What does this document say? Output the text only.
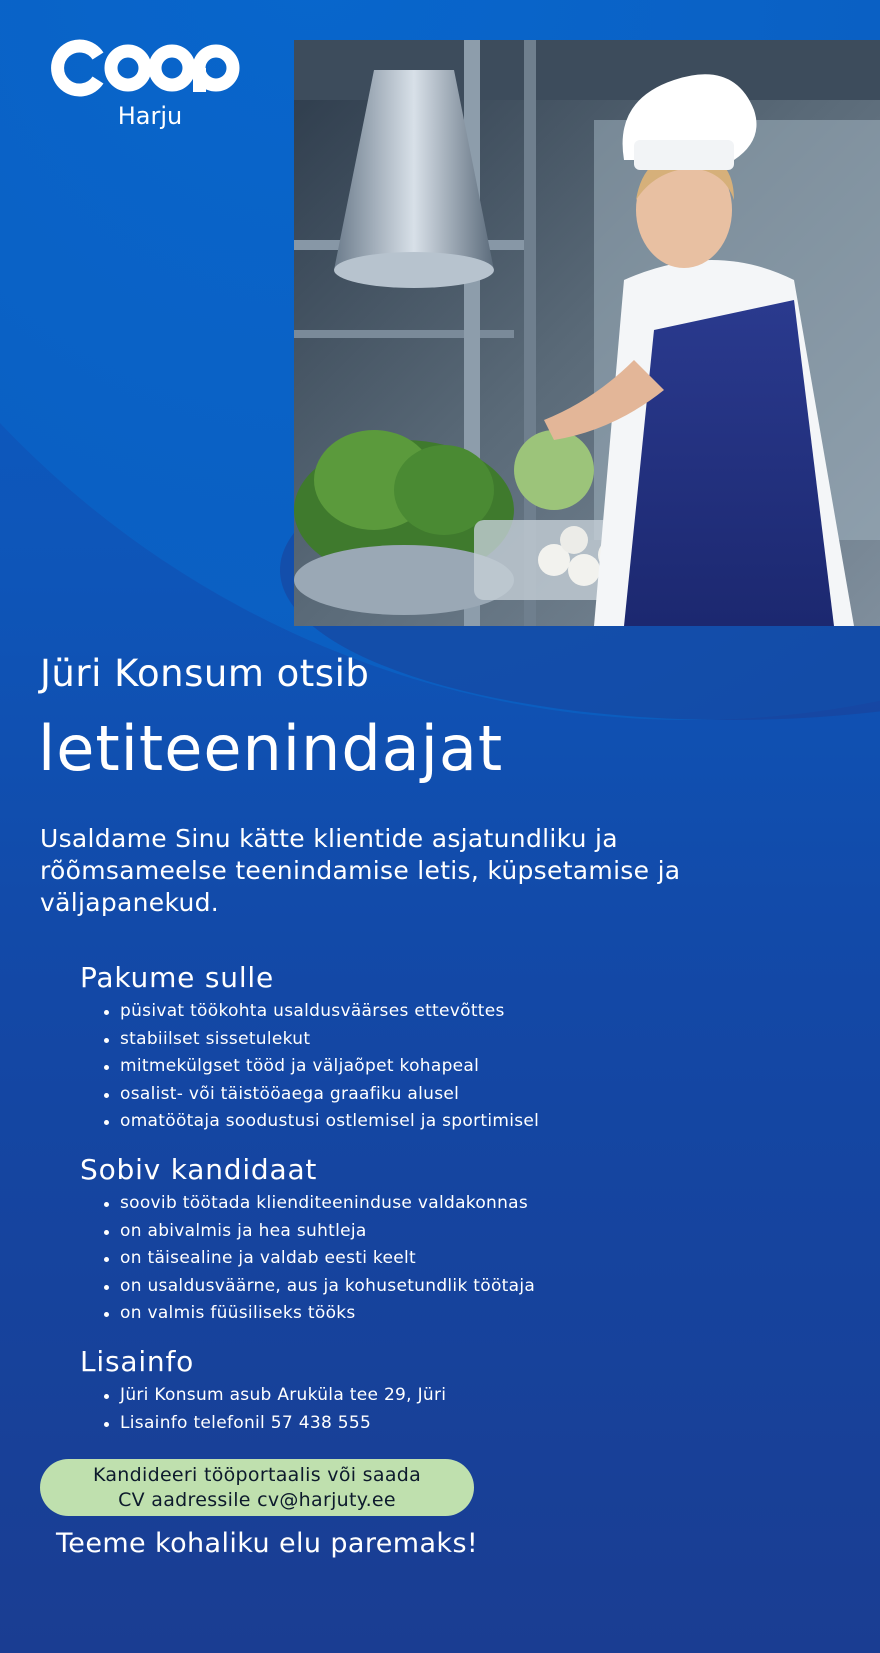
Harju
Jüri Konsum otsib
letiteenindajat
Usaldame Sinu kätte klientide asjatundliku ja rõõmsameelse teenindamise letis, küpsetamise ja väljapanekud.
Pakume sulle
püsivat töökohta usaldusväärses ettevõttes
stabiilset sissetulekut
mitmekülgset tööd ja väljaõpet kohapeal
osalist- või täistööaega graafiku alusel
omatöötaja soodustusi ostlemisel ja sportimisel
Sobiv kandidaat
soovib töötada klienditeeninduse valdakonnas
on abivalmis ja hea suhtleja
on täisealine ja valdab eesti keelt
on usaldusväärne, aus ja kohusetundlik töötaja
on valmis füüsiliseks tööks
Lisainfo
Jüri Konsum asub Aruküla tee 29, Jüri
Lisainfo telefonil 57 438 555
Kandideeri tööportaalis või saada
CV aadressile cv@harjuty.ee
Teeme kohaliku elu paremaks!
